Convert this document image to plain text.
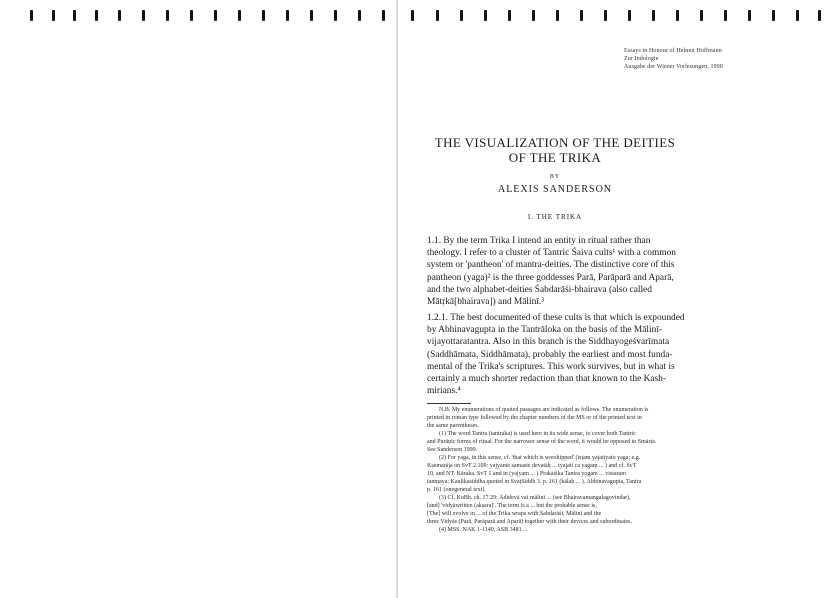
Essays in Honour of Helmut Hoffmann
Zur Indologie
Ausgabe der Wiener Vorlesungen, 1990
THE VISUALIZATION OF THE DEITIES
OF THE TRIKA
BY
ALEXIS SANDERSON
I. THE TRIKA
1.1. By the term Trika I intend an entity in ritual rather than
theology. I refer to a cluster of Tantric Śaiva cults¹ with a common
system or 'pantheon' of mantra-deities. The distinctive core of this
pantheon (yaga)² is the three goddesses Parā, Parāparā and Aparā,
and the two alphabet-deities Śabdarāśi-bhairava (also called
Mātṛkā[bhairava]) and Mālinī.³
1.2.1. The best documented of these cults is that which is expounded
by Abhinavagupta in the Tantrāloka on the basis of the Mālinī-
vijayottaratantra. Also in this branch is the Siddhayogeśvarīmata
(Saddhāmata, Siddhāmata), probably the earliest and most funda-
mental of the Trika's scriptures. This work survives, but in what is
certainly a much shorter redaction than that known to the Kash-
mirians.⁴
N.B. My enumerations of quoted passages are indicated as follows. The enumeration is
printed in roman type followed by the chapter numbers of the MS or of the printed text in
the same parentheses.
(1) The word Tantra (tantraka) is used here in its wide sense, to cover both Tantric
and Purāṇic forms of ritual. For the narrower sense of the word, it would be opposed to Śmārta.
See Sanderson 1990.
(2) For yaga, in this sense, cf. 'that which is worshipped' (iṣṭaṃ yajatiyato yaga; e.g.
Kṣemarāja on SvT 2.109: yajyante samaste devatāḥ ... tyajati ca yagaṃ ... ) and cf. SvT
10, and NT. Kāraka. SvT 1 and in (yajyam ... ) Prakāśika Tantra yogam ... vistaram
tanmaya; Kaulikasiddha quoted in SvaṭSiddh 3. p. 161 (kālaḥ ... ). Abhinavagupta, Tantra
p. 161 (onegeneral text).
(3) Cf. KuBh. ch. 17.29: Ādidevā vai mālinī ... (see Bhairavamangalagovindar),
[and] 'vidyāwritten (akṣara)'. The term is a ... but the probable sense is,
[The] will evolve in ... of the Trika wraps with Śabdarāśi, Mālinī and the
three Vidyās (Parā, Parāparā and Aparā) together with their devices and subordinates.
(4) MSS. NAK 1-1140, ASB 3481 ...
